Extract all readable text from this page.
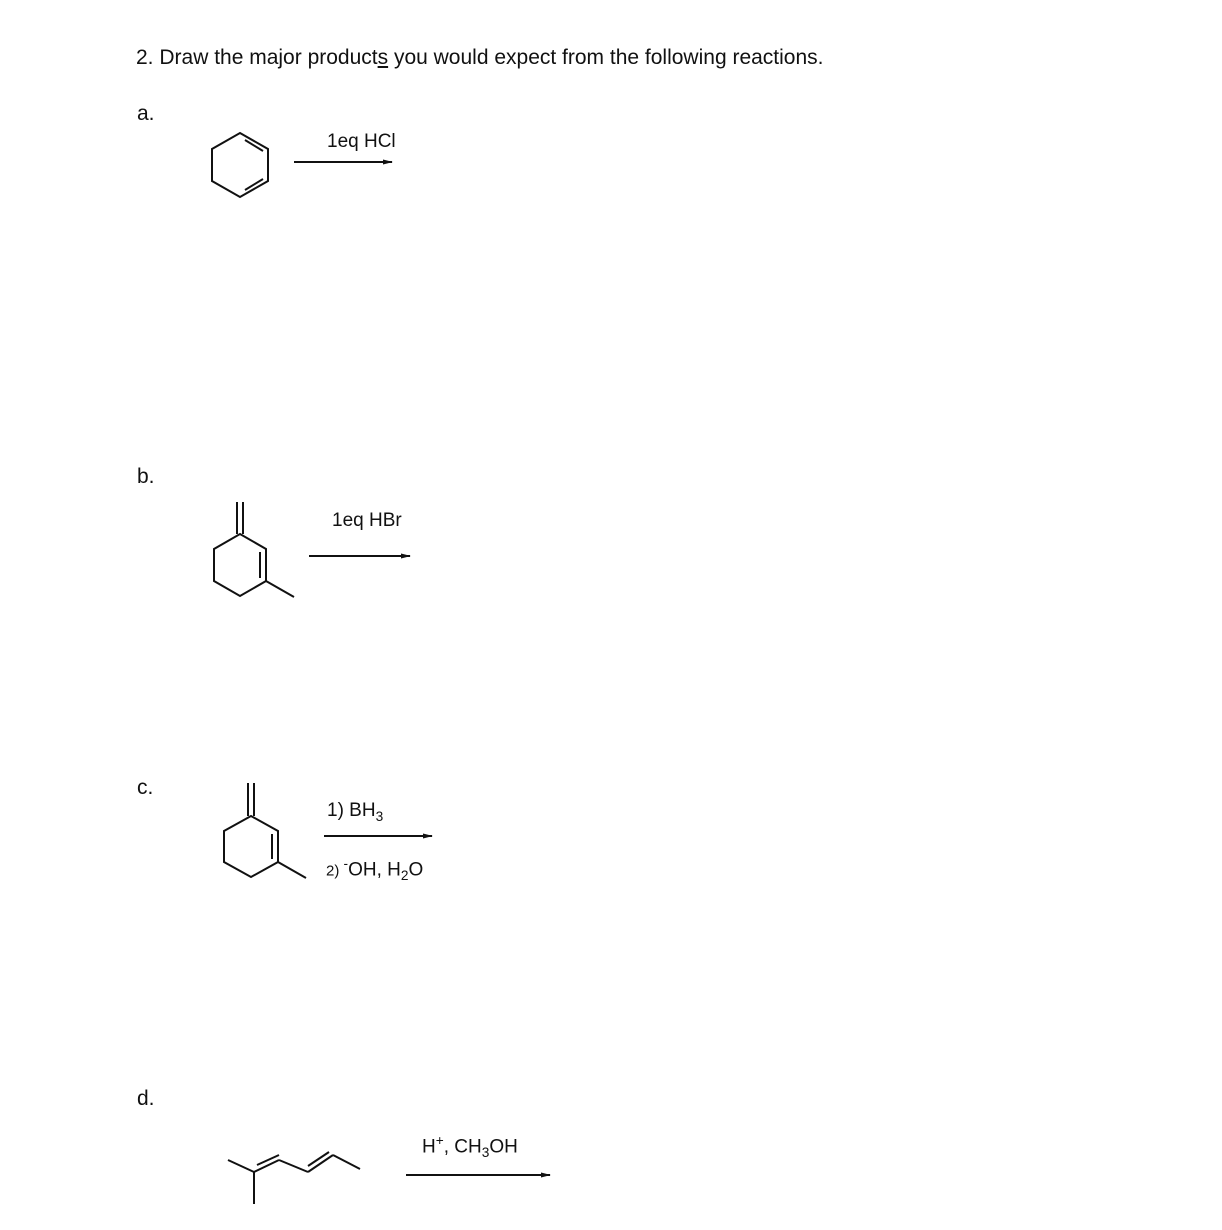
2. Draw the major products you would expect from the following reactions.
a.
1eq HCl
b.
1eq HBr
c.
1) $BH_3$
2) -OH, $H_2O$
d.
H+, $CH_3OH$
